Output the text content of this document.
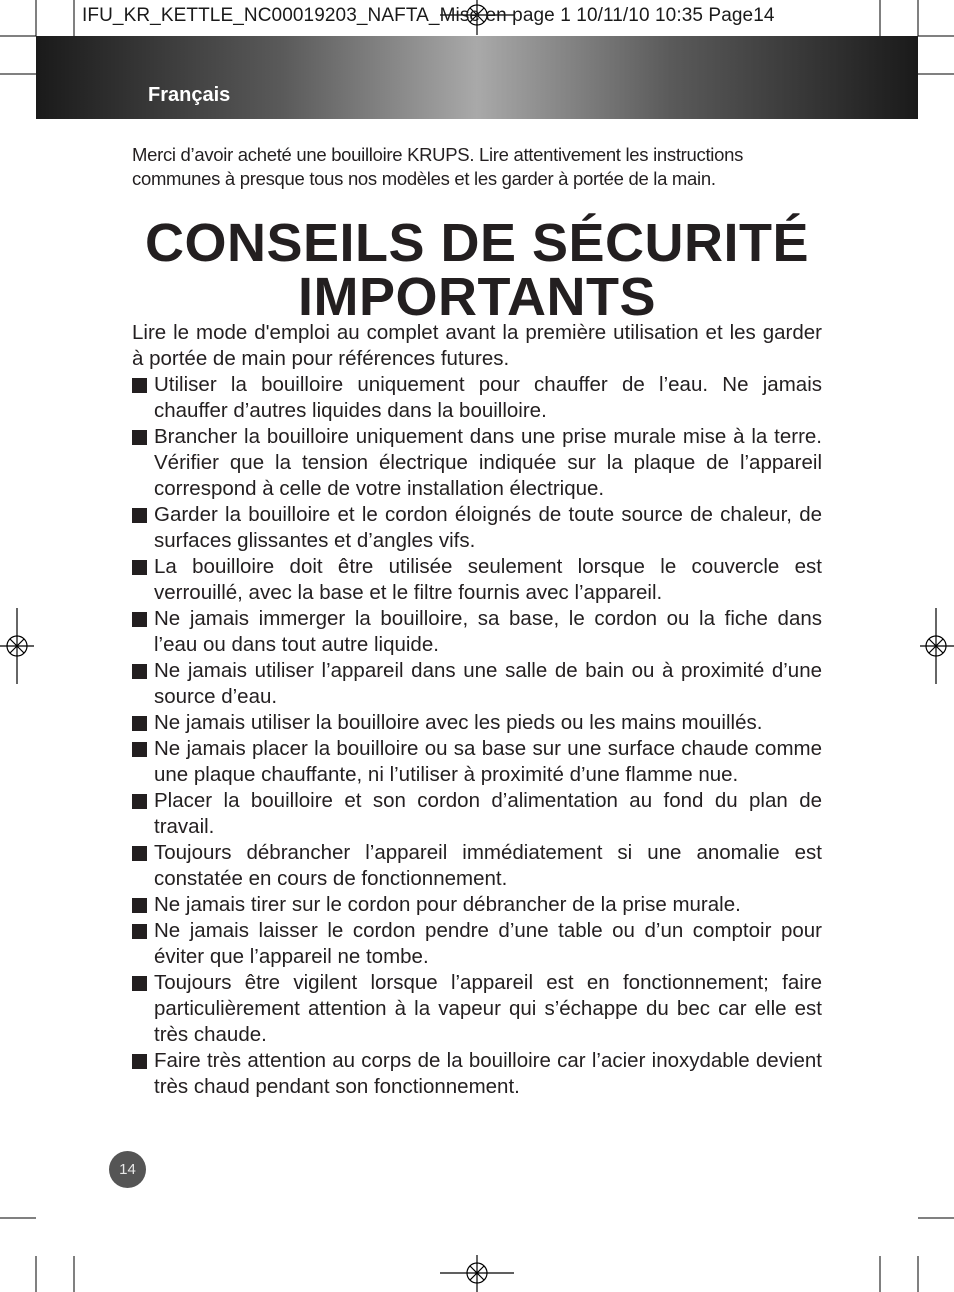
IFU_KR_KETTLE_NC00019203_NAFTA_Mise en page 1 10/11/10 10:35 Page14
Français
Merci d’avoir acheté une bouilloire KRUPS. Lire attentivement les instructions communes à presque tous nos modèles et les garder à portée de la main.
CONSEILS DE SÉCURITÉ
IMPORTANTS

Lire le mode d'emploi au complet avant la première utilisation et les garder à portée de main pour références futures.

Utiliser la bouilloire uniquement pour chauffer de l’eau. Ne jamais chauffer d’autres liquides dans la bouilloire.
Brancher la bouilloire uniquement dans une prise murale mise à la terre. Vérifier que la tension électrique indiquée sur la plaque de l’appareil correspond à celle de votre installation électrique.
Garder la bouilloire et le cordon éloignés de toute source de chaleur, de surfaces glissantes et d’angles vifs.
La bouilloire doit être utilisée seulement lorsque le couvercle est verrouillé, avec la base et le filtre fournis avec l’appareil.
Ne jamais immerger la bouilloire, sa base, le cordon ou la fiche dans l’eau ou dans tout autre liquide.
Ne jamais utiliser l’appareil dans une salle de bain ou à proximité d’une source d’eau.
Ne jamais utiliser la bouilloire avec les pieds ou les mains mouillés.
Ne jamais placer la bouilloire ou sa base sur une surface chaude comme une plaque chauffante, ni l’utiliser à proximité d’une flamme nue.
Placer la bouilloire et son cordon d’alimentation au fond du plan de travail.
Toujours débrancher l’appareil immédiatement si une anomalie est constatée en cours de fonctionnement.
Ne jamais tirer sur le cordon pour débrancher de la prise murale.
Ne jamais laisser le cordon pendre d’une table ou d’un comptoir pour éviter que l’appareil ne tombe.
Toujours être vigilent lorsque l’appareil est en fonctionnement; faire particulièrement attention à la vapeur qui s’échappe du bec car elle est très chaude.
Faire très attention au corps de la bouilloire car l’acier inoxydable devient très chaud pendant son fonctionnement.
14
